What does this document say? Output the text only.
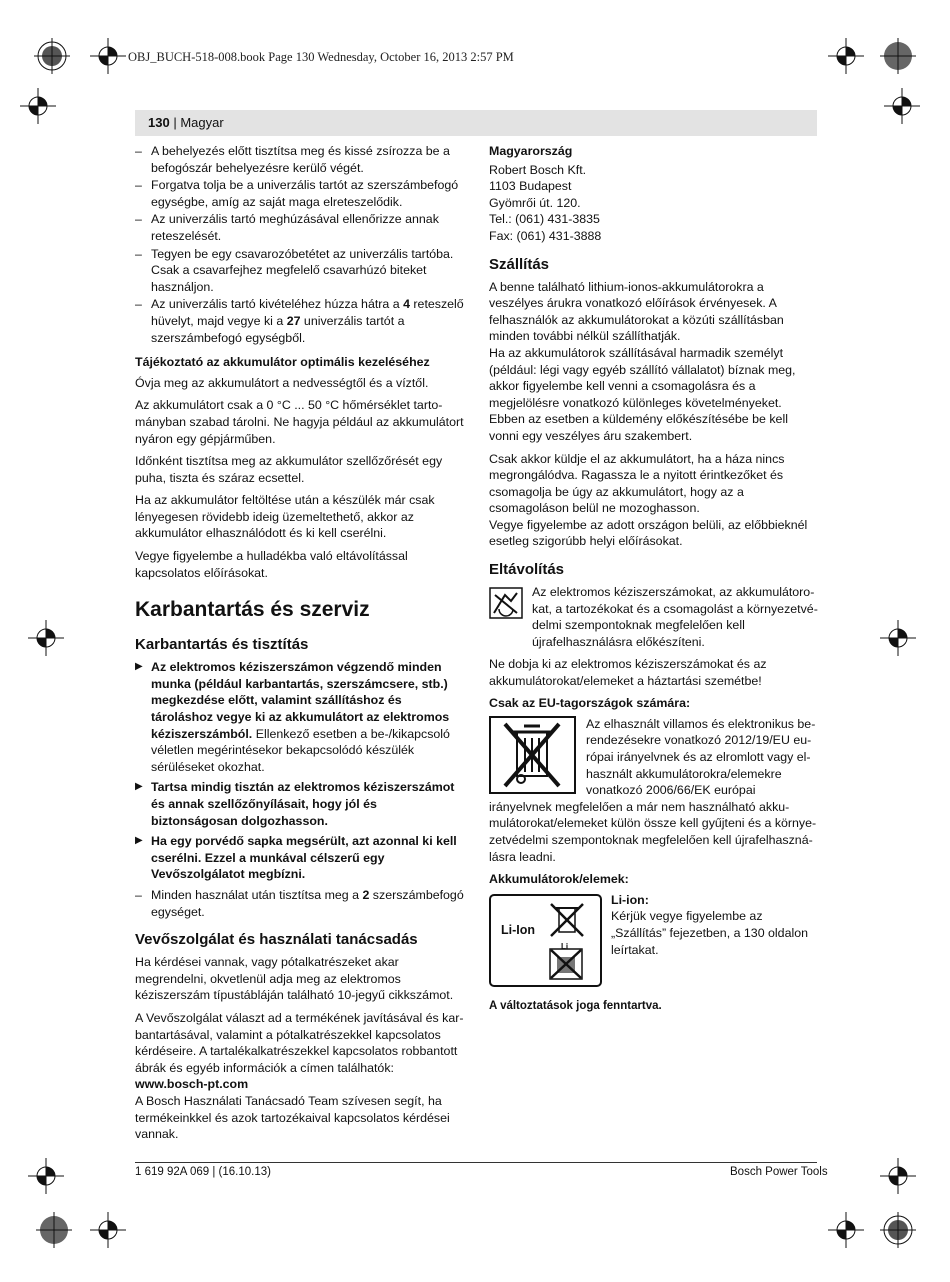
OBJ_BUCH-518-008.book Page 130 Wednesday, October 16, 2013 2:57 PM
130 | Magyar
– A behelyezés előtt tisztítsa meg és kissé zsírozza be a befogószár behelyezésre kerülő végét.
– Forgatva tolja be a univerzális tartót az szerszámbefogó egységbe, amíg az saját maga elreteszelődik.
– Az univerzális tartó meghúzásával ellenőrizze annak reteszelését.
– Tegyen be egy csavarozóbetétet az univerzális tartóba. Csak a csavarfejhez megfelelő csavarhúzó biteket használjon.
– Az univerzális tartó kivételéhez húzza hátra a 4 reteszelő hüvelyt, majd vegye ki a 27 univerzális tartót a szerszámbefogó egységből.
Tájékoztató az akkumulátor optimális kezeléséhez

Óvja meg az akkumulátort a nedvességtől és a víztől.

Az akkumulátort csak a 0 °C ... 50 °C hőmérséklet tartományban szabad tárolni. Ne hagyja például az akkumulátort nyáron egy gépjárműben.

Időnként tisztítsa meg az akkumulátor szellőzőrését egy puha, tiszta és száraz ecsettel.

Ha az akkumulátor feltöltése után a készülék már csak lényegesen rövidebb ideig üzemeltethető, akkor az akkumulátor elhasználódott és ki kell cserélni.

Vegye figyelembe a hulladékba való eltávolítással kapcsolatos előírásokat.

Karbantartás és szerviz
Karbantartás és tisztítás
▶ Az elektromos kéziszerszámon végzendő minden munka (például karbantartás, szerszámcsere, stb.) megkezdése előtt, valamint szállításhoz és tároláshoz vegye ki az akkumulátort az elektromos kéziszerszámból. Ellenkező esetben a be-/kikapcsoló véletlen megérintésekor bekapcsolódó készülék sérüléseket okozhat.
▶ Tartsa mindig tisztán az elektromos kéziszerszámot és annak szellőzőnyílásait, hogy jól és biztonságosan dolgozhasson.
▶ Ha egy porvédő sapka megsérült, azt azonnal ki kell cserélni. Ezzel a munkával célszerű egy Vevőszolgálatot megbízni.
– Minden használat után tisztítsa meg a 2 szerszámbefogó egységet.
Vevőszolgálat és használati tanácsadás

Ha kérdései vannak, vagy pótalkatrészeket akar megrendelni, okvetlenül adja meg az elektromos kéziszerszám típustábláján található 10-jegyű cikkszámot.

A Vevőszolgálat választ ad a termékének javításával és karbantartásával, valamint a pótalkatrészekkel kapcsolatos kérdéseire. A tartalékalkatrészekkel kapcsolatos robbantott ábrák és egyéb információk a címen találhatók:

www.bosch-pt.com

A Bosch Használati Tanácsadó Team szívesen segít, ha termékeinkkel és azok tartozékaival kapcsolatos kérdései vannak.

Magyarország
Robert Bosch Kft.
1103 Budapest
Gyömrői út. 120.
Tel.: (061) 431-3835
Fax: (061) 431-3888
Szállítás

A benne található lithium-ionos-akkumulátorokra a veszélyes árukra vonatkozó előírások érvényesek. A felhasználók az akkumulátorokat a közúti szállításban minden további nélkül szállíthatják.

Ha az akkumulátorok szállításával harmadik személyt (például: légi vagy egyéb szállító vállalatot) bíznak meg, akkor figyelembe kell venni a csomagolásra és a megjelölésre vonatkozó különleges követelményeket. Ebben az esetben a küldemény előkészítésébe be kell vonni egy veszélyes áru szakembert.

Csak akkor küldje el az akkumulátort, ha a háza nincs megrongálódva. Ragassza le a nyitott érintkezőket és csomagolja be úgy az akkumulátort, hogy az a csomagoláson belül ne mozoghasson.

Vegye figyelembe az adott országon belüli, az előbbieknél esetleg szigorúbb helyi előírásokat.

Eltávolítás
Az elektromos kéziszerszámokat, az akkumulátorokat, a tartozékokat és a csomagolást a környezetvédelmi szempontoknak megfelelően kell újrafelhasználásra előkészíteni.

Ne dobja ki az elektromos kéziszerszámokat és az akkumulátorokat/elemeket a háztartási szemétbe!

Csak az EU-tagországok számára:
Az elhasznált villamos és elektronikus berendezésekre vonatkozó 2012/19/EU európai irányelvnek és az elromlott vagy elhasznált akkumulátorokra/elemekre vonatkozó 2006/66/EK európai irányelvnek megfelelően a már nem használható akkumulátorokat/elemeket külön össze kell gyűjteni és a környezetvédelmi szempontoknak megfelelően kell újrafelhasználásra leadni.
Akkumulátorok/elemek:
Li-Ion
Li
Li-ion:
Kérjük vegye figyelembe az „Szállítás” fejezetben, a 130 oldalon leírtakat.
A változtatások joga fenntartva.
1 619 92A 069 | (16.10.13)	Bosch Power Tools
